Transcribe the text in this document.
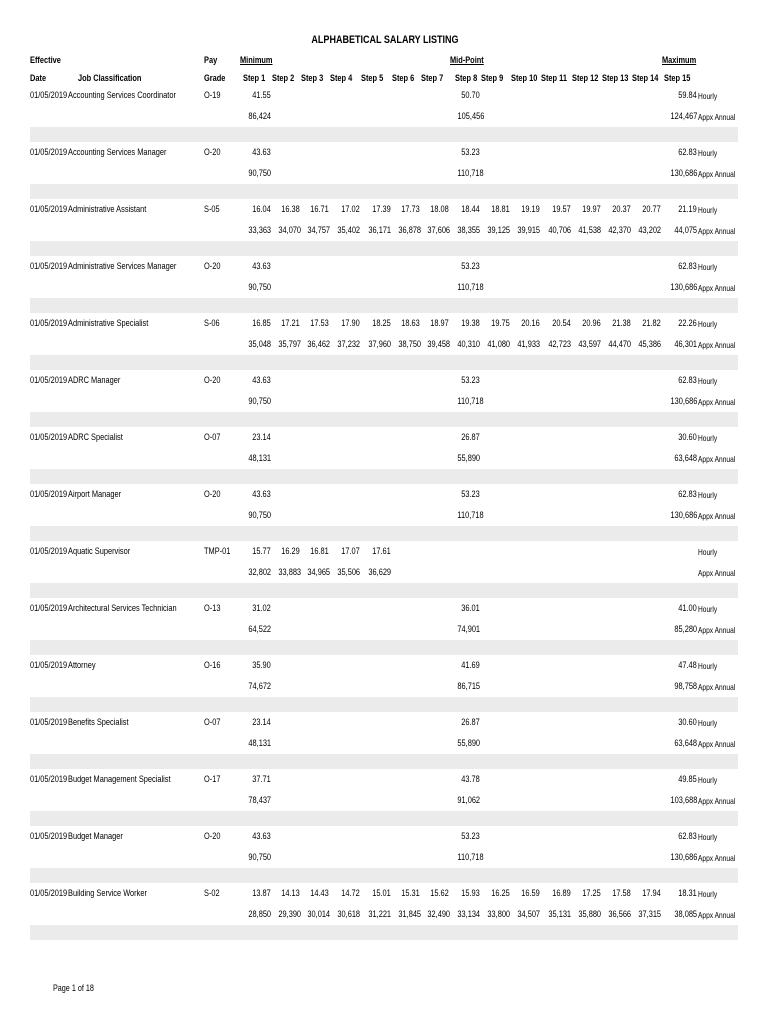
ALPHABETICAL SALARY LISTING
Effective		Pay	Minimum							Mid-Point							Maximum	
Date	Job Classification	Grade	Step 1	Step 2	Step 3	Step 4	Step 5	Step 6	Step 7	Step 8	Step 9	Step 10	Step 11	Step 12	Step 13	Step 14	Step 15	
01/05/2019	Accounting Services Coordinator	O-19	41.55							50.70							59.84	Hourly
			86,424							105,456							124,467	Appx Annual

01/05/2019	Accounting Services Manager	O-20	43.63							53.23							62.83	Hourly
			90,750							110,718							130,686	Appx Annual

01/05/2019	Administrative Assistant	S-05	16.04	16.38	16.71	17.02	17.39	17.73	18.08	18.44	18.81	19.19	19.57	19.97	20.37	20.77	21.19	Hourly
			33,363	34,070	34,757	35,402	36,171	36,878	37,606	38,355	39,125	39,915	40,706	41,538	42,370	43,202	44,075	Appx Annual

01/05/2019	Administrative Services Manager	O-20	43.63							53.23							62.83	Hourly
			90,750							110,718							130,686	Appx Annual

01/05/2019	Administrative Specialist	S-06	16.85	17.21	17.53	17.90	18.25	18.63	18.97	19.38	19.75	20.16	20.54	20.96	21.38	21.82	22.26	Hourly
			35,048	35,797	36,462	37,232	37,960	38,750	39,458	40,310	41,080	41,933	42,723	43,597	44,470	45,386	46,301	Appx Annual

01/05/2019	ADRC Manager	O-20	43.63							53.23							62.83	Hourly
			90,750							110,718							130,686	Appx Annual

01/05/2019	ADRC Specialist	O-07	23.14							26.87							30.60	Hourly
			48,131							55,890							63,648	Appx Annual

01/05/2019	Airport Manager	O-20	43.63							53.23							62.83	Hourly
			90,750							110,718							130,686	Appx Annual

01/05/2019	Aquatic Supervisor	TMP-01	15.77	16.29	16.81	17.07	17.61											Hourly
			32,802	33,883	34,965	35,506	36,629											Appx Annual

01/05/2019	Architectural Services Technician	O-13	31.02							36.01							41.00	Hourly
			64,522							74,901							85,280	Appx Annual

01/05/2019	Attorney	O-16	35.90							41.69							47.48	Hourly
			74,672							86,715							98,758	Appx Annual

01/05/2019	Benefits Specialist	O-07	23.14							26.87							30.60	Hourly
			48,131							55,890							63,648	Appx Annual

01/05/2019	Budget Management Specialist	O-17	37.71							43.78							49.85	Hourly
			78,437							91,062							103,688	Appx Annual

01/05/2019	Budget Manager	O-20	43.63							53.23							62.83	Hourly
			90,750							110,718							130,686	Appx Annual

01/05/2019	Building Service Worker	S-02	13.87	14.13	14.43	14.72	15.01	15.31	15.62	15.93	16.25	16.59	16.89	17.25	17.58	17.94	18.31	Hourly
			28,850	29,390	30,014	30,618	31,221	31,845	32,490	33,134	33,800	34,507	35,131	35,880	36,566	37,315	38,085	Appx Annual

Page 1 of 18
